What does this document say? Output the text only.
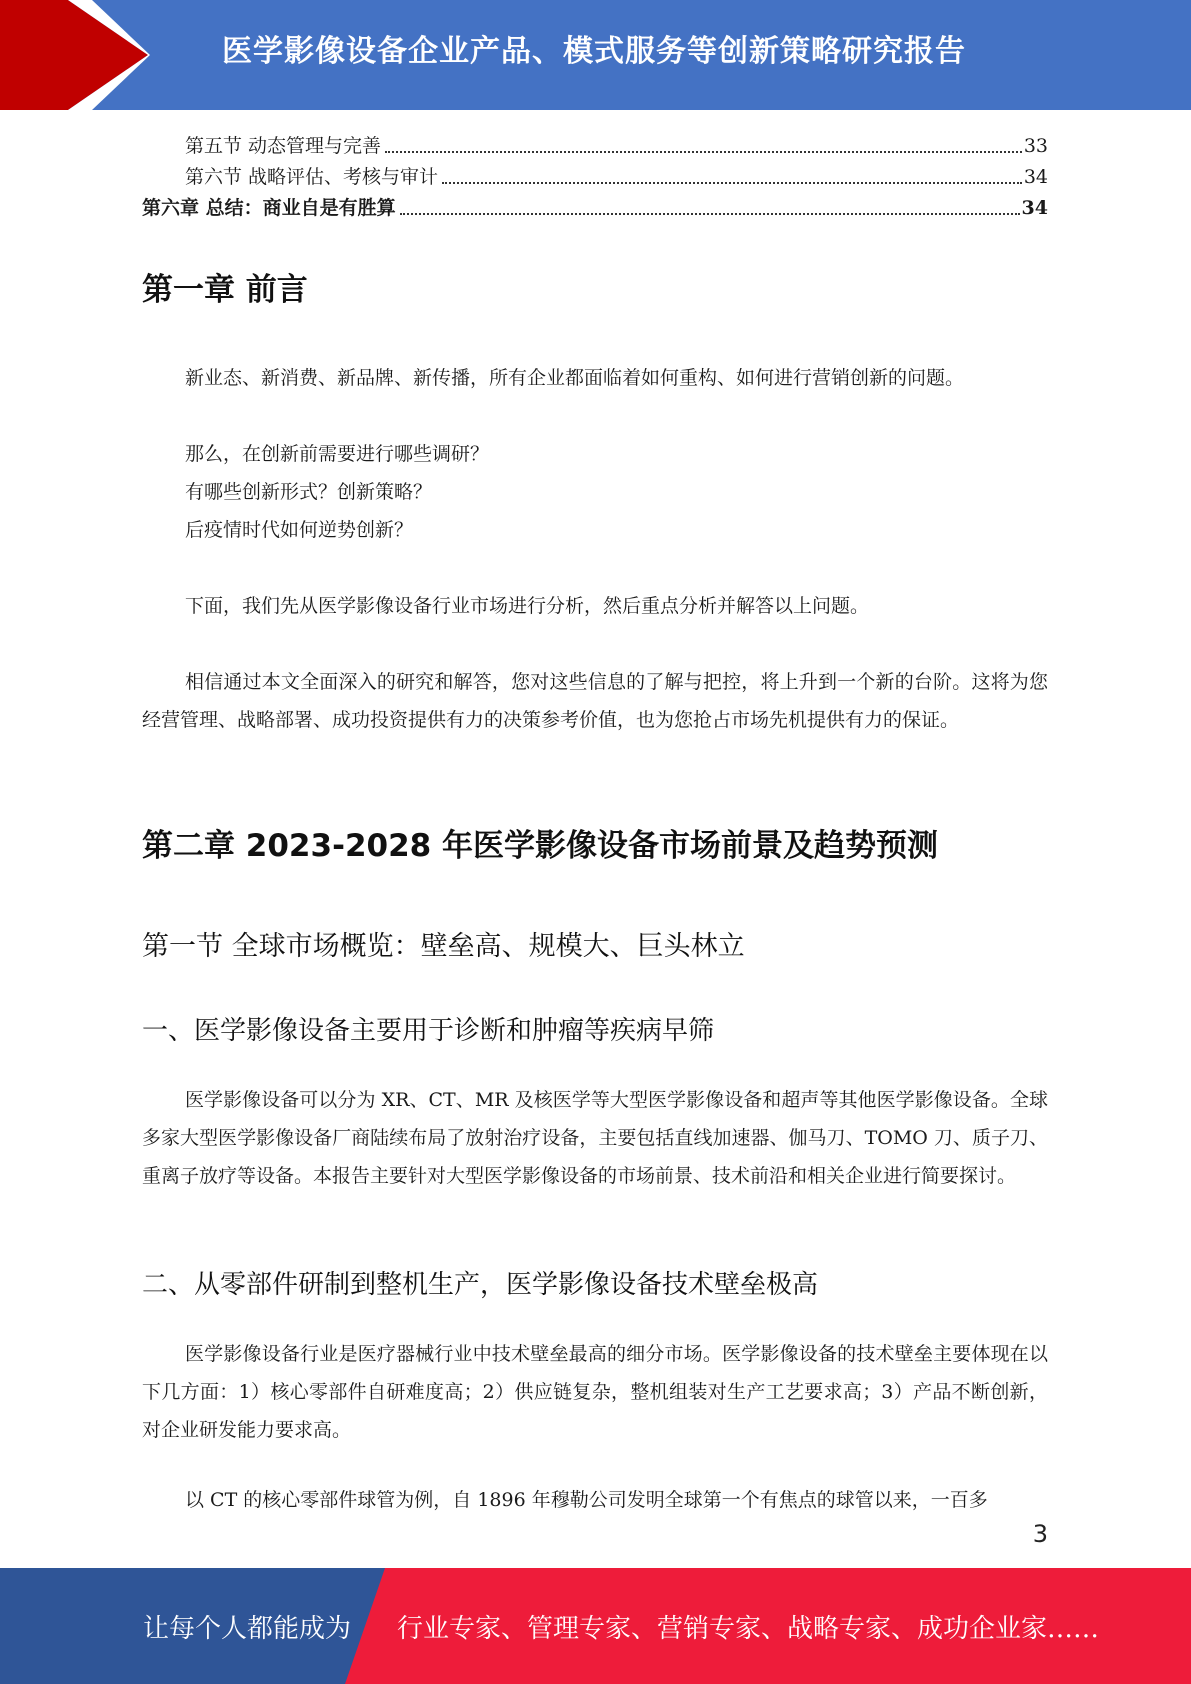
医学影像设备企业产品、模式服务等创新策略研究报告
第五节 动态管理与完善	33
第六节 战略评估、考核与审计	34
第六章 总结：商业自是有胜算	34
第一章 前言
新业态、新消费、新品牌、新传播，所有企业都面临着如何重构、如何进行营销创新的问题。
那么，在创新前需要进行哪些调研？
有哪些创新形式？创新策略？
后疫情时代如何逆势创新？
下面，我们先从医学影像设备行业市场进行分析，然后重点分析并解答以上问题。
相信通过本文全面深入的研究和解答，您对这些信息的了解与把控，将上升到一个新的台阶。这将为您经营管理、战略部署、成功投资提供有力的决策参考价值，也为您抢占市场先机提供有力的保证。
第二章 2023-2028 年医学影像设备市场前景及趋势预测
第一节 全球市场概览：壁垒高、规模大、巨头林立
一、医学影像设备主要用于诊断和肿瘤等疾病早筛
医学影像设备可以分为 XR、CT、MR 及核医学等大型医学影像设备和超声等其他医学影像设备。全球多家大型医学影像设备厂商陆续布局了放射治疗设备，主要包括直线加速器、伽马刀、TOMO 刀、质子刀、重离子放疗等设备。本报告主要针对大型医学影像设备的市场前景、技术前沿和相关企业进行简要探讨。
二、从零部件研制到整机生产，医学影像设备技术壁垒极高
医学影像设备行业是医疗器械行业中技术壁垒最高的细分市场。医学影像设备的技术壁垒主要体现在以下几方面：1）核心零部件自研难度高；2）供应链复杂，整机组装对生产工艺要求高；3）产品不断创新，对企业研发能力要求高。
以 CT 的核心零部件球管为例，自 1896 年穆勒公司发明全球第一个有焦点的球管以来，一百多
3
让每个人都能成为 行业专家、管理专家、营销专家、战略专家、成功企业家……
